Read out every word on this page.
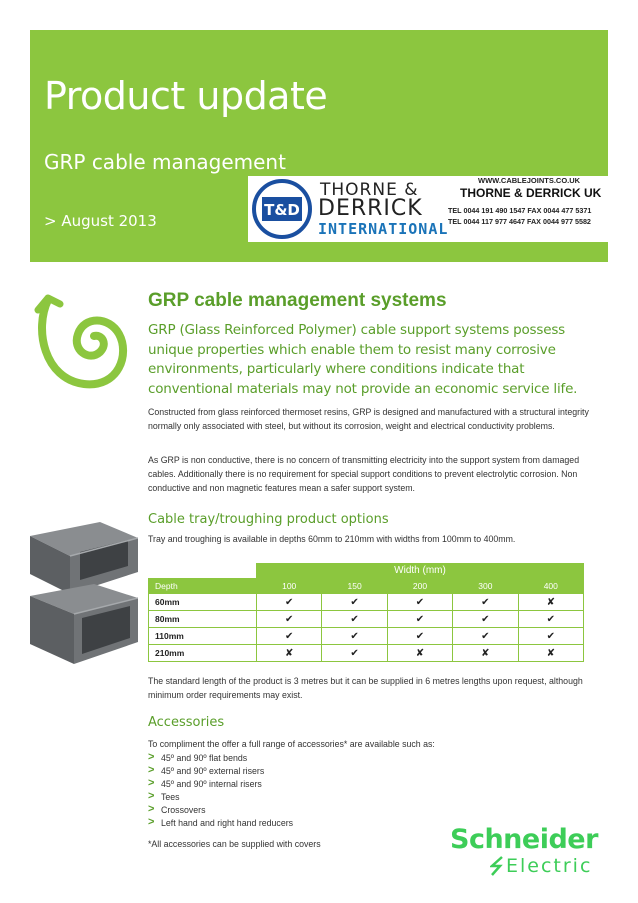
Product update
GRP cable management
> August 2013
T&D
THORNE &
DERRICK
INTERNATIONAL
WWW.CABLEJOINTS.CO.UK
THORNE & DERRICK UK
TEL 0044 191 490 1547 FAX 0044 477 5371
TEL 0044 117 977 4647 FAX 0044 977 5582
GRP cable management systems
GRP (Glass Reinforced Polymer) cable support systems possess unique properties which enable them to resist many corrosive environments, particularly where conditions indicate that conventional materials may not provide an economic service life.
Constructed from glass reinforced thermoset resins, GRP is designed and manufactured with a structural integrity normally only associated with steel, but without its corrosion, weight and electrical conductivity problems.
As GRP is non conductive, there is no concern of transmitting electricity into the support system from damaged cables. Additionally there is no requirement for special support conditions to prevent electrolytic corrosion. Non conductive and non magnetic features mean a safer support system.
Cable tray/troughing product options
Tray and troughing is available in depths 60mm to 210mm with widths from 100mm to 400mm.
Width (mm)
Depth	100	150	200	300	400
60mm	✔	✔	✔	✔	✘
80mm	✔	✔	✔	✔	✔
110mm	✔	✔	✔	✔	✔
210mm	✘	✔	✘	✘	✘
The standard length of the product is 3 metres but it can be supplied in 6 metres lengths upon request, although minimum order requirements may exist.
Accessories
To compliment the offer a full range of accessories* are available such as:
> 45º and 90º flat bends
> 45º and 90º external risers
> 45º and 90º internal risers
> Tees
> Crossovers
> Left hand and right hand reducers
*All accessories can be supplied with covers	Schneider
Electric
